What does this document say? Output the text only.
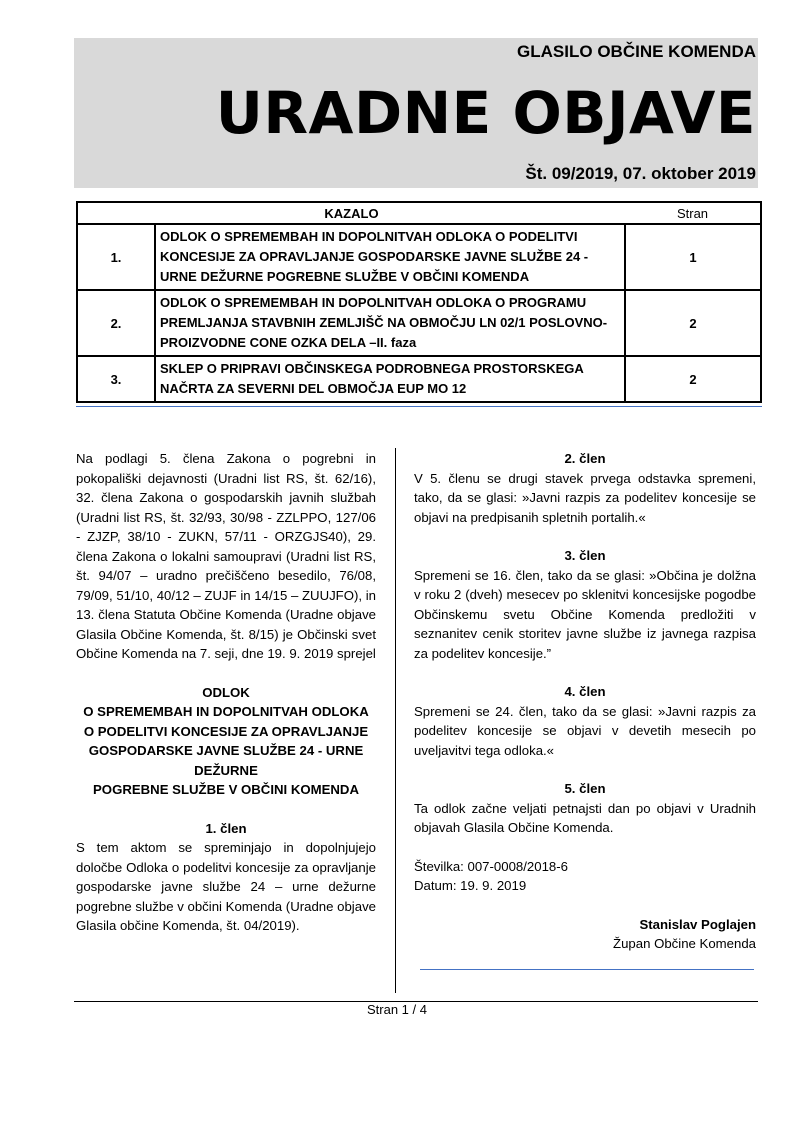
GLASILO OBČINE KOMENDA
URADNE OBJAVE
Št. 09/2019, 07. oktober 2019
KAZALO		Stran
1.	ODLOK O SPREMEMBAH IN DOPOLNITVAH ODLOKA O PODELITVI
KONCESIJE ZA OPRAVLJANJE GOSPODARSKE JAVNE SLUŽBE 24 -
URNE DEŽURNE POGREBNE SLUŽBE V OBČINI KOMENDA	1
2.	ODLOK O SPREMEMBAH IN DOPOLNITVAH ODLOKA O PROGRAMU
PREMLJANJA STAVBNIH ZEMLJIŠČ NA OBMOČJU LN 02/1 POSLOVNO-
PROIZVODNE CONE OZKA DELA –II. faza	2
3.	SKLEP O PRIPRAVI OBČINSKEGA PODROBNEGA PROSTORSKEGA
NAČRTA ZA SEVERNI DEL OBMOČJA EUP MO 12	2
Na podlagi 5. člena Zakona o pogrebni in pokopališki dejavnosti (Uradni list RS, št. 62/16), 32. člena Zakona o gospodarskih javnih službah (Uradni list RS, št. 32/93, 30/98 - ZZLPPO, 127/06 - ZJZP, 38/10 - ZUKN, 57/11 - ORZGJS40), 29. člena Zakona o lokalni samoupravi (Uradni list RS, št. 94/07 – uradno prečiščeno besedilo, 76/08, 79/09, 51/10, 40/12 – ZUJF in 14/15 – ZUUJFO), in 13. člena Statuta Občine Komenda (Uradne objave Glasila Občine Komenda, št. 8/15) je Občinski svet Občine Komenda na 7. seji, dne 19. 9. 2019 sprejel
ODLOK
O SPREMEMBAH IN DOPOLNITVAH ODLOKA
O PODELITVI KONCESIJE ZA OPRAVLJANJE
GOSPODARSKE JAVNE SLUŽBE 24 - URNE
DEŽURNE
POGREBNE SLUŽBE V OBČINI KOMENDA
1. člen
S tem aktom se spreminjajo in dopolnjujejo določbe Odloka o podelitvi koncesije za opravljanje gospodarske javne službe 24 – urne dežurne pogrebne službe v občini Komenda (Uradne objave Glasila občine Komenda, št. 04/2019).
2. člen
V 5. členu se drugi stavek prvega odstavka spremeni, tako, da se glasi: »Javni razpis za podelitev koncesije se objavi na predpisanih spletnih portalih.«
3. člen
Spremeni se 16. člen, tako da se glasi: »Občina je dolžna v roku 2 (dveh) mesecev po sklenitvi koncesijske pogodbe Občinskemu svetu Občine Komenda predložiti v seznanitev cenik storitev javne službe iz javnega razpisa za podelitev koncesije.”
4. člen
Spremeni se 24. člen, tako da se glasi: »Javni razpis za podelitev koncesije se objavi v devetih mesecih po uveljavitvi tega odloka.«
5. člen
Ta odlok začne veljati petnajsti dan po objavi v Uradnih objavah Glasila Občine Komenda.
Številka: 007-0008/2018-6
Datum: 19. 9. 2019
Stanislav Poglajen
Župan Občine Komenda
Stran 1 / 4
